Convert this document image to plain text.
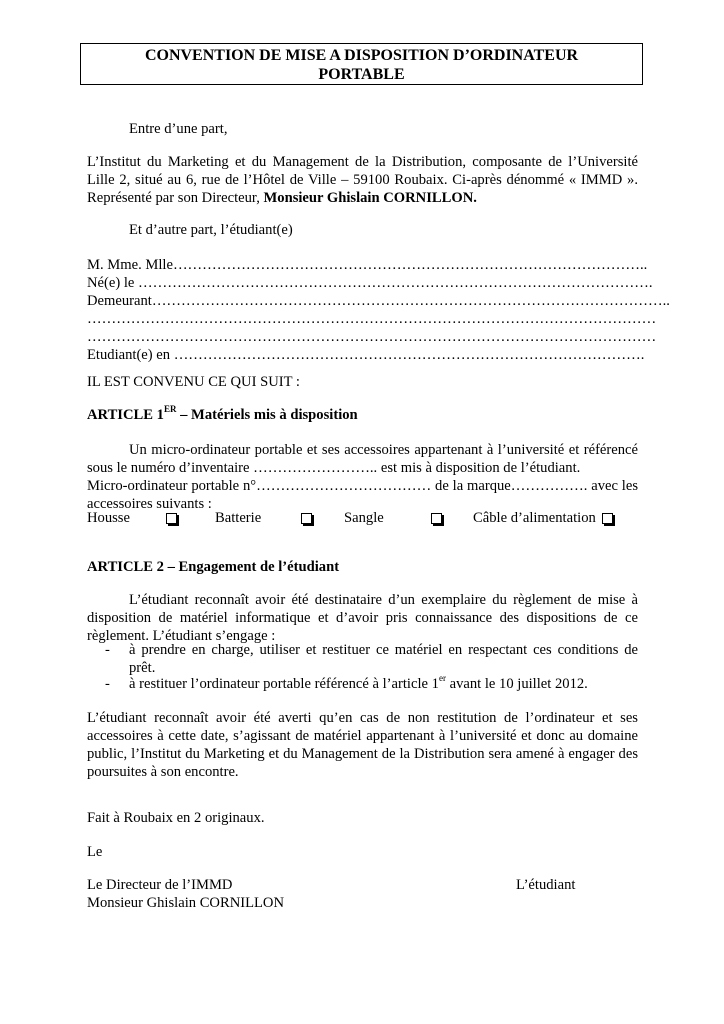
CONVENTION DE MISE A DISPOSITION D’ORDINATEUR
PORTABLE
Entre d’une part,
L’Institut du Marketing et du Management de la Distribution, composante de l’Université
Lille 2, situé au 6, rue de l’Hôtel de Ville – 59100 Roubaix. Ci-après dénommé « IMMD ».
Représenté par son Directeur, Monsieur Ghislain CORNILLON.
Et d’autre part, l’étudiant(e)
M. Mme. Mlle……………………………………………………………………………………..
Né(e) le …………………………………………………………………………………………….
Demeurant……………………………………………………………………………………………..
………………………………………………………………………………………………………
………………………………………………………………………………………………………
Etudiant(e) en …………………………………………………………………………………….
IL EST CONVENU CE QUI SUIT :
ARTICLE 1ER – Matériels mis à disposition
Un micro-ordinateur portable et ses accessoires appartenant à l’université et référencé
sous le numéro d’inventaire …………………….. est mis à disposition de l’étudiant.
Micro-ordinateur portable n°……………………………… de la marque……………. avec les
accessoires suivants :
Housse	Batterie	Sangle	Câble d’alimentation
ARTICLE 2 – Engagement de l’étudiant
L’étudiant reconnaît avoir été destinataire d’un exemplaire du règlement de mise à
disposition de matériel informatique et d’avoir pris connaissance des dispositions de ce
règlement. L’étudiant s’engage :
- à prendre en charge, utiliser et restituer ce matériel en respectant ces conditions de
prêt.
- à restituer l’ordinateur portable référencé à l’article 1er avant le 10 juillet 2012.
L’étudiant reconnaît avoir été averti qu’en cas de non restitution de l’ordinateur et ses
accessoires à cette date, s’agissant de matériel appartenant à l’université et donc au domaine
public, l’Institut du Marketing et du Management de la Distribution sera amené à engager des
poursuites à son encontre.
Fait à Roubaix en 2 originaux.
Le
Le Directeur de l’IMMD
Monsieur Ghislain CORNILLON
L’étudiant
